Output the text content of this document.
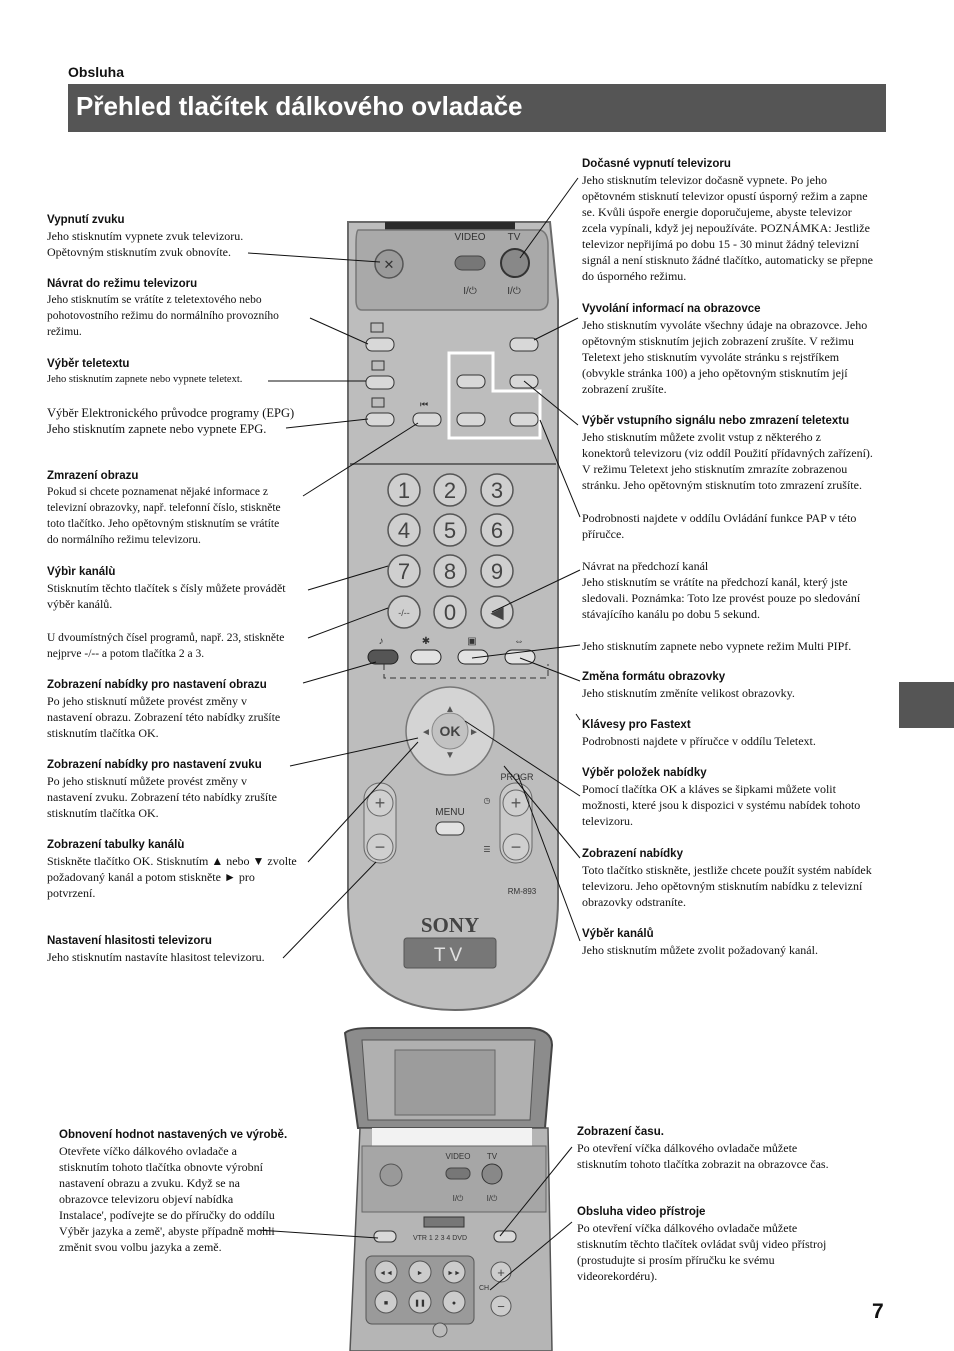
Obsluha
Přehled tlačítek dálkového ovladače
7
Vypnutí zvuku
Jeho stisknutím vypnete zvuk televizoru.
Opětovným stisknutím zvuk obnovíte.
Návrat do režimu televizoru
Jeho stisknutím se vrátíte z teletextového nebo
pohotovostního režimu do normálního provozního
režimu.
Výběr teletextu
Jeho stisknutím zapnete nebo vypnete teletext.
Výběr Elektronického průvodce programy (EPG)
Jeho stisknutím zapnete nebo vypnete EPG.
Zmrazení obrazu
Pokud si chcete poznamenat nějaké informace z
televizní obrazovky, např. telefonní číslo, stiskněte
toto tlačítko. Jeho opětovným stisknutím se vrátíte
do normálního režimu televizoru.
Výbìr kanálù
Stisknutím těchto tlačítek s čísly můžete provádět
výběr kanálů.
U dvoumístných čísel programů, např. 23, stiskněte
nejprve -/-- a potom tlačítka 2 a 3.
Zobrazení nabídky pro nastavení obrazu
Po jeho stisknutí můžete provést změny v
nastavení obrazu. Zobrazení této nabídky zrušíte
stisknutím tlačítka OK.
Zobrazení nabídky pro nastavení zvuku
Po jeho stisknutí můžete provést změny v
nastavení zvuku. Zobrazení této nabídky zrušíte
stisknutím tlačítka OK.
Zobrazení tabulky kanálù
Stiskněte tlačítko OK. Stisknutím ▲ nebo ▼ zvolte
požadovaný kanál a potom stiskněte ► pro
potvrzení.
Nastavení hlasitosti televizoru
Jeho stisknutím nastavíte hlasitost televizoru.
Dočasné vypnutí televizoru
Jeho stisknutím televizor dočasně vypnete. Po jeho
opětovném stisknutí televizor opustí úsporný režim a zapne
se. Kvůli úspoře energie doporučujeme, abyste televizor
zcela vypínali, když jej nepoužíváte. POZNÁMKA: Jestliže
televizor nepřijímá po dobu 15 - 30 minut žádný televizní
signál a není stisknuto žádné tlačítko, automaticky se přepne
do úsporného režimu.
Vyvolání informací na obrazovce
Jeho stisknutím vyvoláte všechny údaje na obrazovce. Jeho
opětovným stisknutím jejich zobrazení zrušíte. V režimu
Teletext jeho stisknutím vyvoláte stránku s rejstříkem
(obvykle stránka 100) a jeho opětovným stisknutím její
zobrazení zrušíte.
Výběr vstupního signálu nebo zmrazení teletextu
Jeho stisknutím můžete zvolit vstup z některého z
konektorů televizoru (viz oddíl Použití přídavných zařízení).
V režimu Teletext jeho stisknutím zmrazíte zobrazenou
stránku. Jeho opětovným stisknutím toto zmrazení zrušíte.
Podrobnosti najdete v oddílu Ovládání funkce PAP v této
příručce.
Návrat na předchozí kanál
Jeho stisknutím se vrátíte na předchozí kanál, který jste
sledovali. Poznámka: Toto lze provést pouze po sledování
stávajícího kanálu po dobu 5 sekund.
Jeho stisknutím zapnete nebo vypnete režim Multi PIPf.
Změna formátu obrazovky
Jeho stisknutím změníte velikost obrazovky.
Klávesy pro Fastext
Podrobnosti najdete v příručce v oddílu Teletext.
Výběr položek nabídky
Pomocí tlačítka OK a kláves se šipkami můžete volit
možnosti, které jsou k dispozici v systému nabídek tohoto
televizoru.
Zobrazení nabídky
Toto tlačítko stiskněte, jestliže chcete použít systém nabídek
televizoru. Jeho opětovným stisknutím nabídku z televizní
obrazovky odstraníte.
Výběr kanálů
Jeho stisknutím můžete zvolit požadovaný kanál.
Obnovení hodnot nastavených ve výrobě.
Otevřete víčko dálkového ovladače a
stisknutím tohoto tlačítka obnovte výrobní
nastavení obrazu a zvuku. Když se na
obrazovce televizoru objeví nabídka
Instalace', podívejte se do příručky do oddílu
Výběr jazyka a země', abyste případně mohli
změnit svou volbu jazyka a země.
Zobrazení času.
Po otevření víčka dálkového ovladače můžete
stisknutím tohoto tlačítka zobrazit na obrazovce čas.
Obsluha video přístroje
Po otevření víčka dálkového ovladače můžete
stisknutím těchto tlačítek ovládat svůj video přístroj
(prostudujte si prosím příručku ke svému
videorekordéru).
✕
VIDEO TV
I/⏻	I/⏻
⏮
1 2 3
4 5 6
7 8 9
-/-- 0 ◄
♪	✱	▣	⇔
OK
▲
▼
◄	►
+
−
PROGR
+
−
MENU
◷
☰
RM-893
SONY
TV
VIDEO TV
I/⏻	I/⏻
VTR 1 2 3 4 DVD
◄◄	►	►►
■	❚❚	●
+
−
CH
